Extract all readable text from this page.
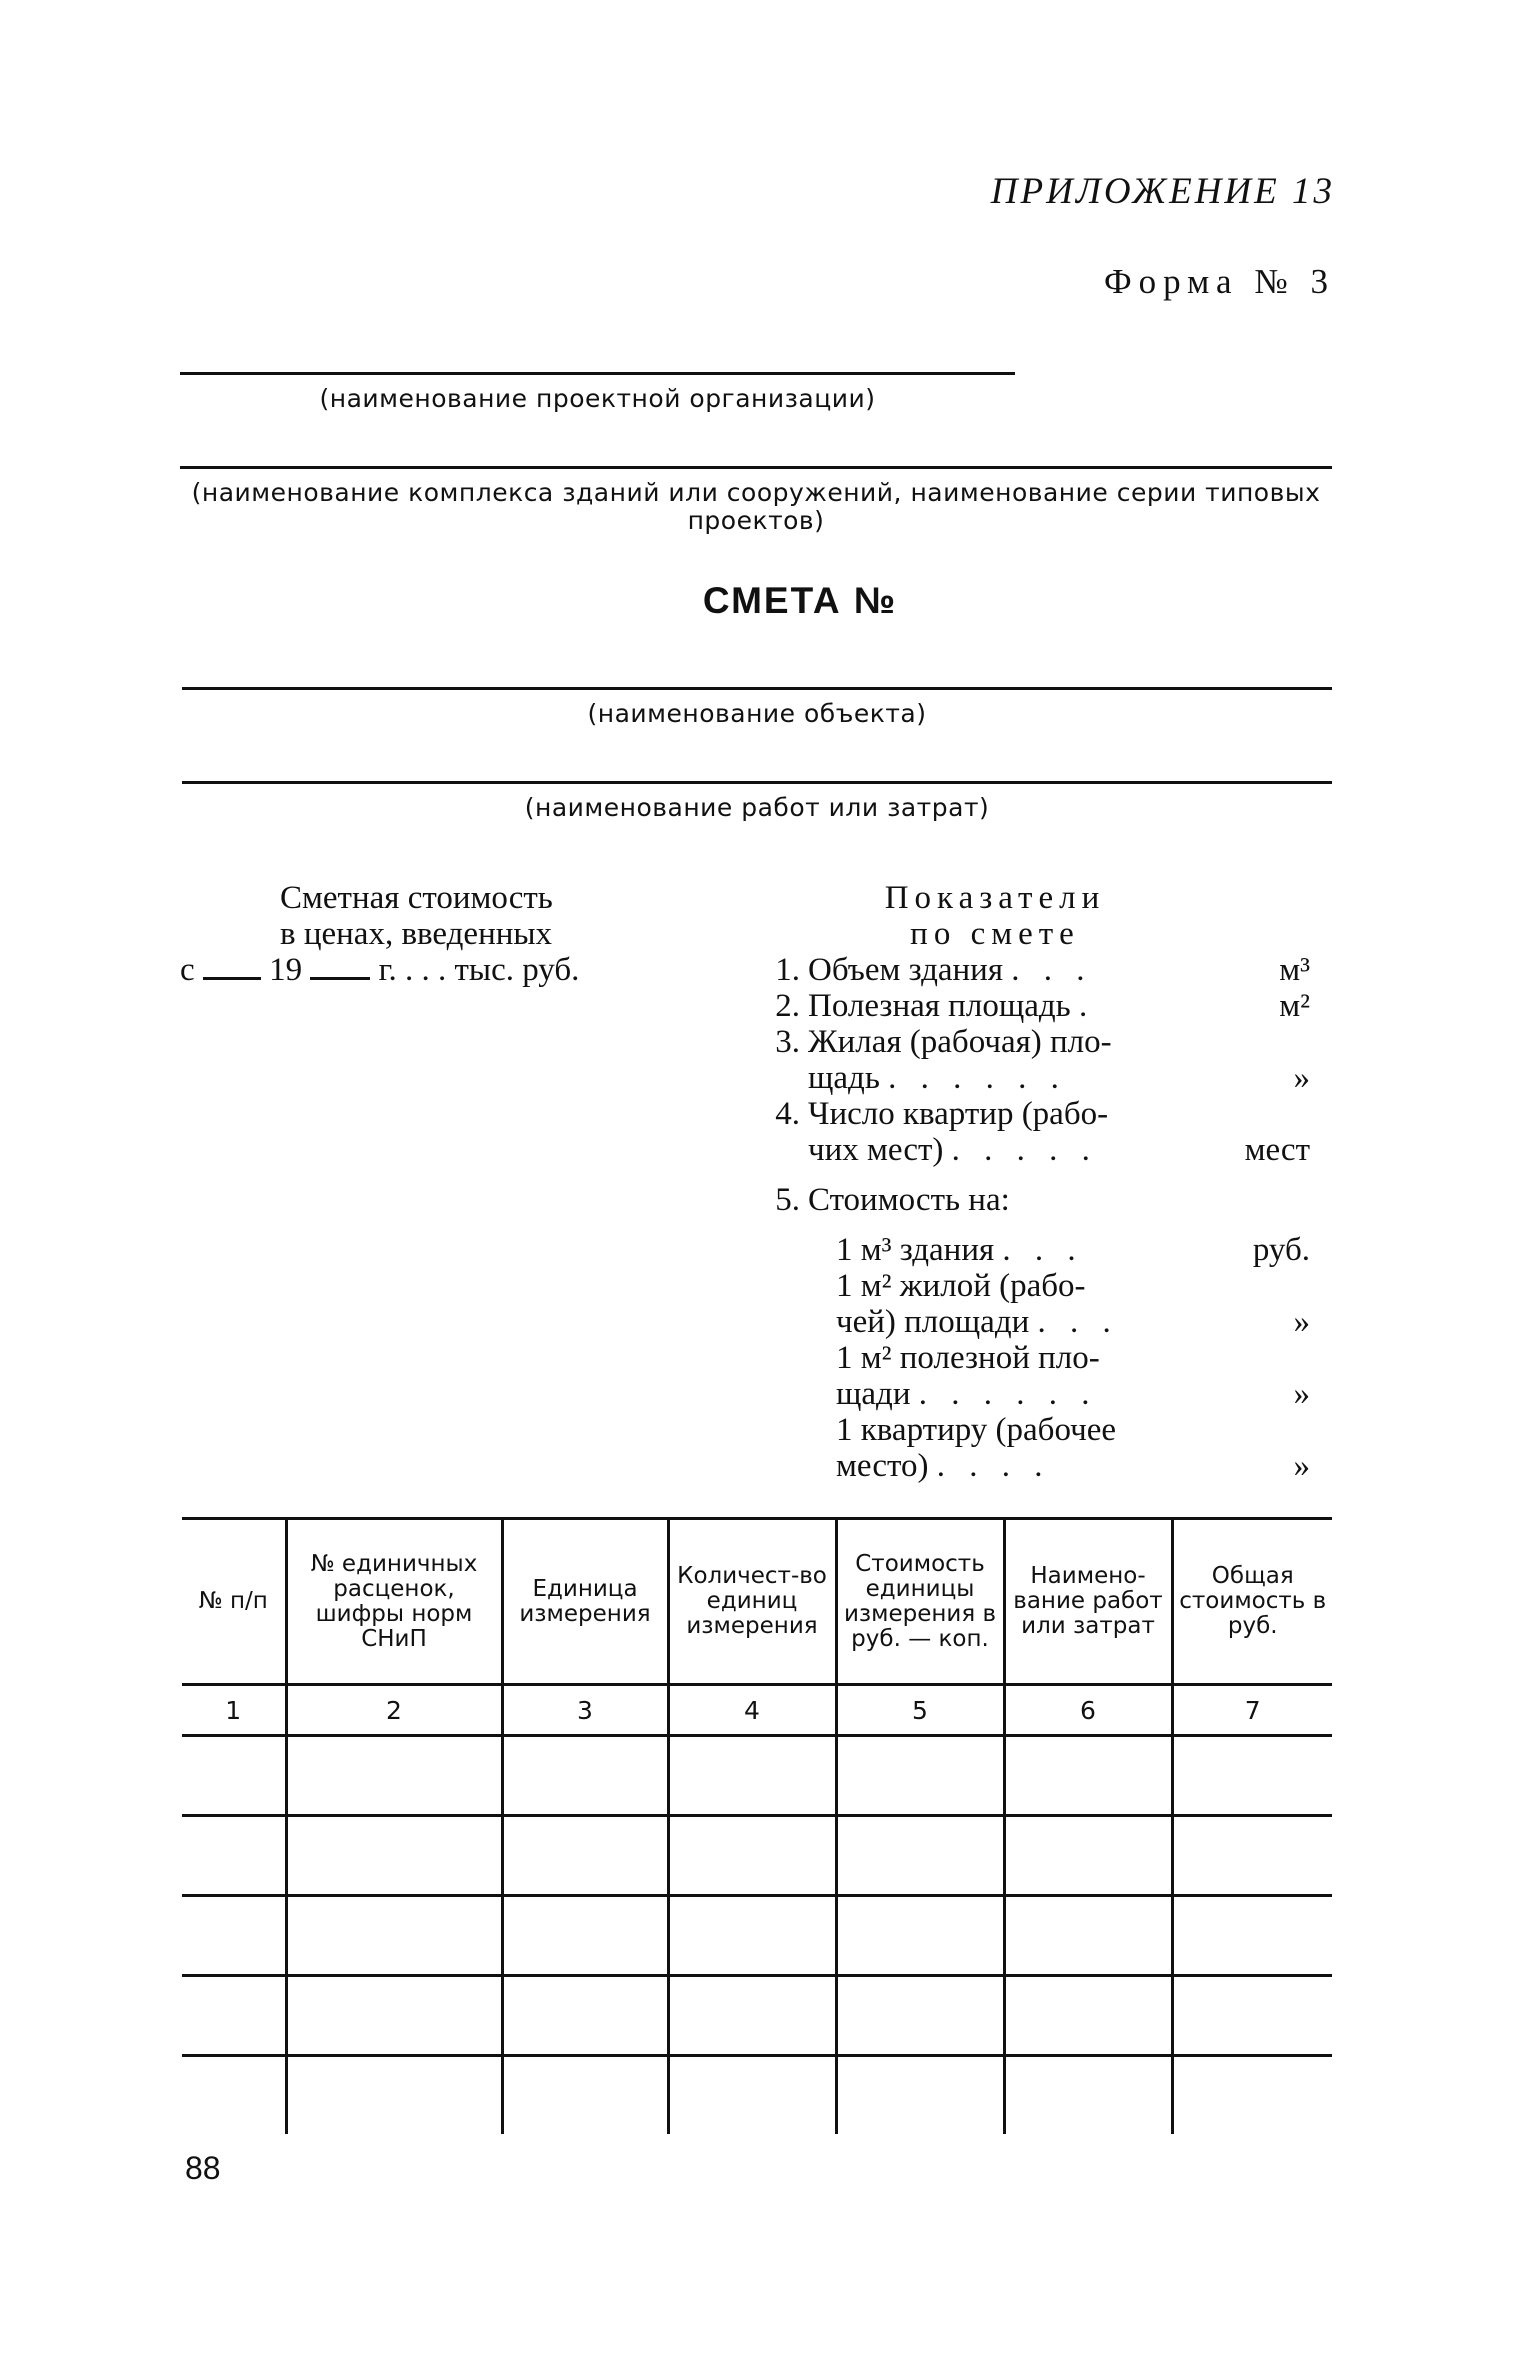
ПРИЛОЖЕНИЕ 13
Форма № 3
(наименование проектной организации)
(наименование комплекса зданий или сооружений, наименование серии типовых
проектов)
СМЕТА №
(наименование объекта)
(наименование работ или затрат)
Сметная стоимость
в ценах, введенных
с 19 г. . . . тыс. руб.
Показатели
по смете
1. Объем здания . . .	м³
2. Полезная площадь .	м²
3. Жилая (рабочая) пло-
щадь . . . . . .	»
4. Число квартир (рабо-
чих мест) . . . . .	мест
5. Стоимость на:
1 м³ здания . . .	руб.
1 м² жилой (рабо-
чей) площади . . .	»
1 м² полезной пло-
щади . . . . . .	»
1 квартиру (рабочее
место) . . . .	»
№ п/п	№ единичных расценок, шифры норм СНиП	Единица измерения	Количест-во единиц измерения	Стоимость единицы измерения в руб. — коп.	Наимено-вание работ или затрат	Общая стоимость в руб.
1	2	3	4	5	6	7

88
